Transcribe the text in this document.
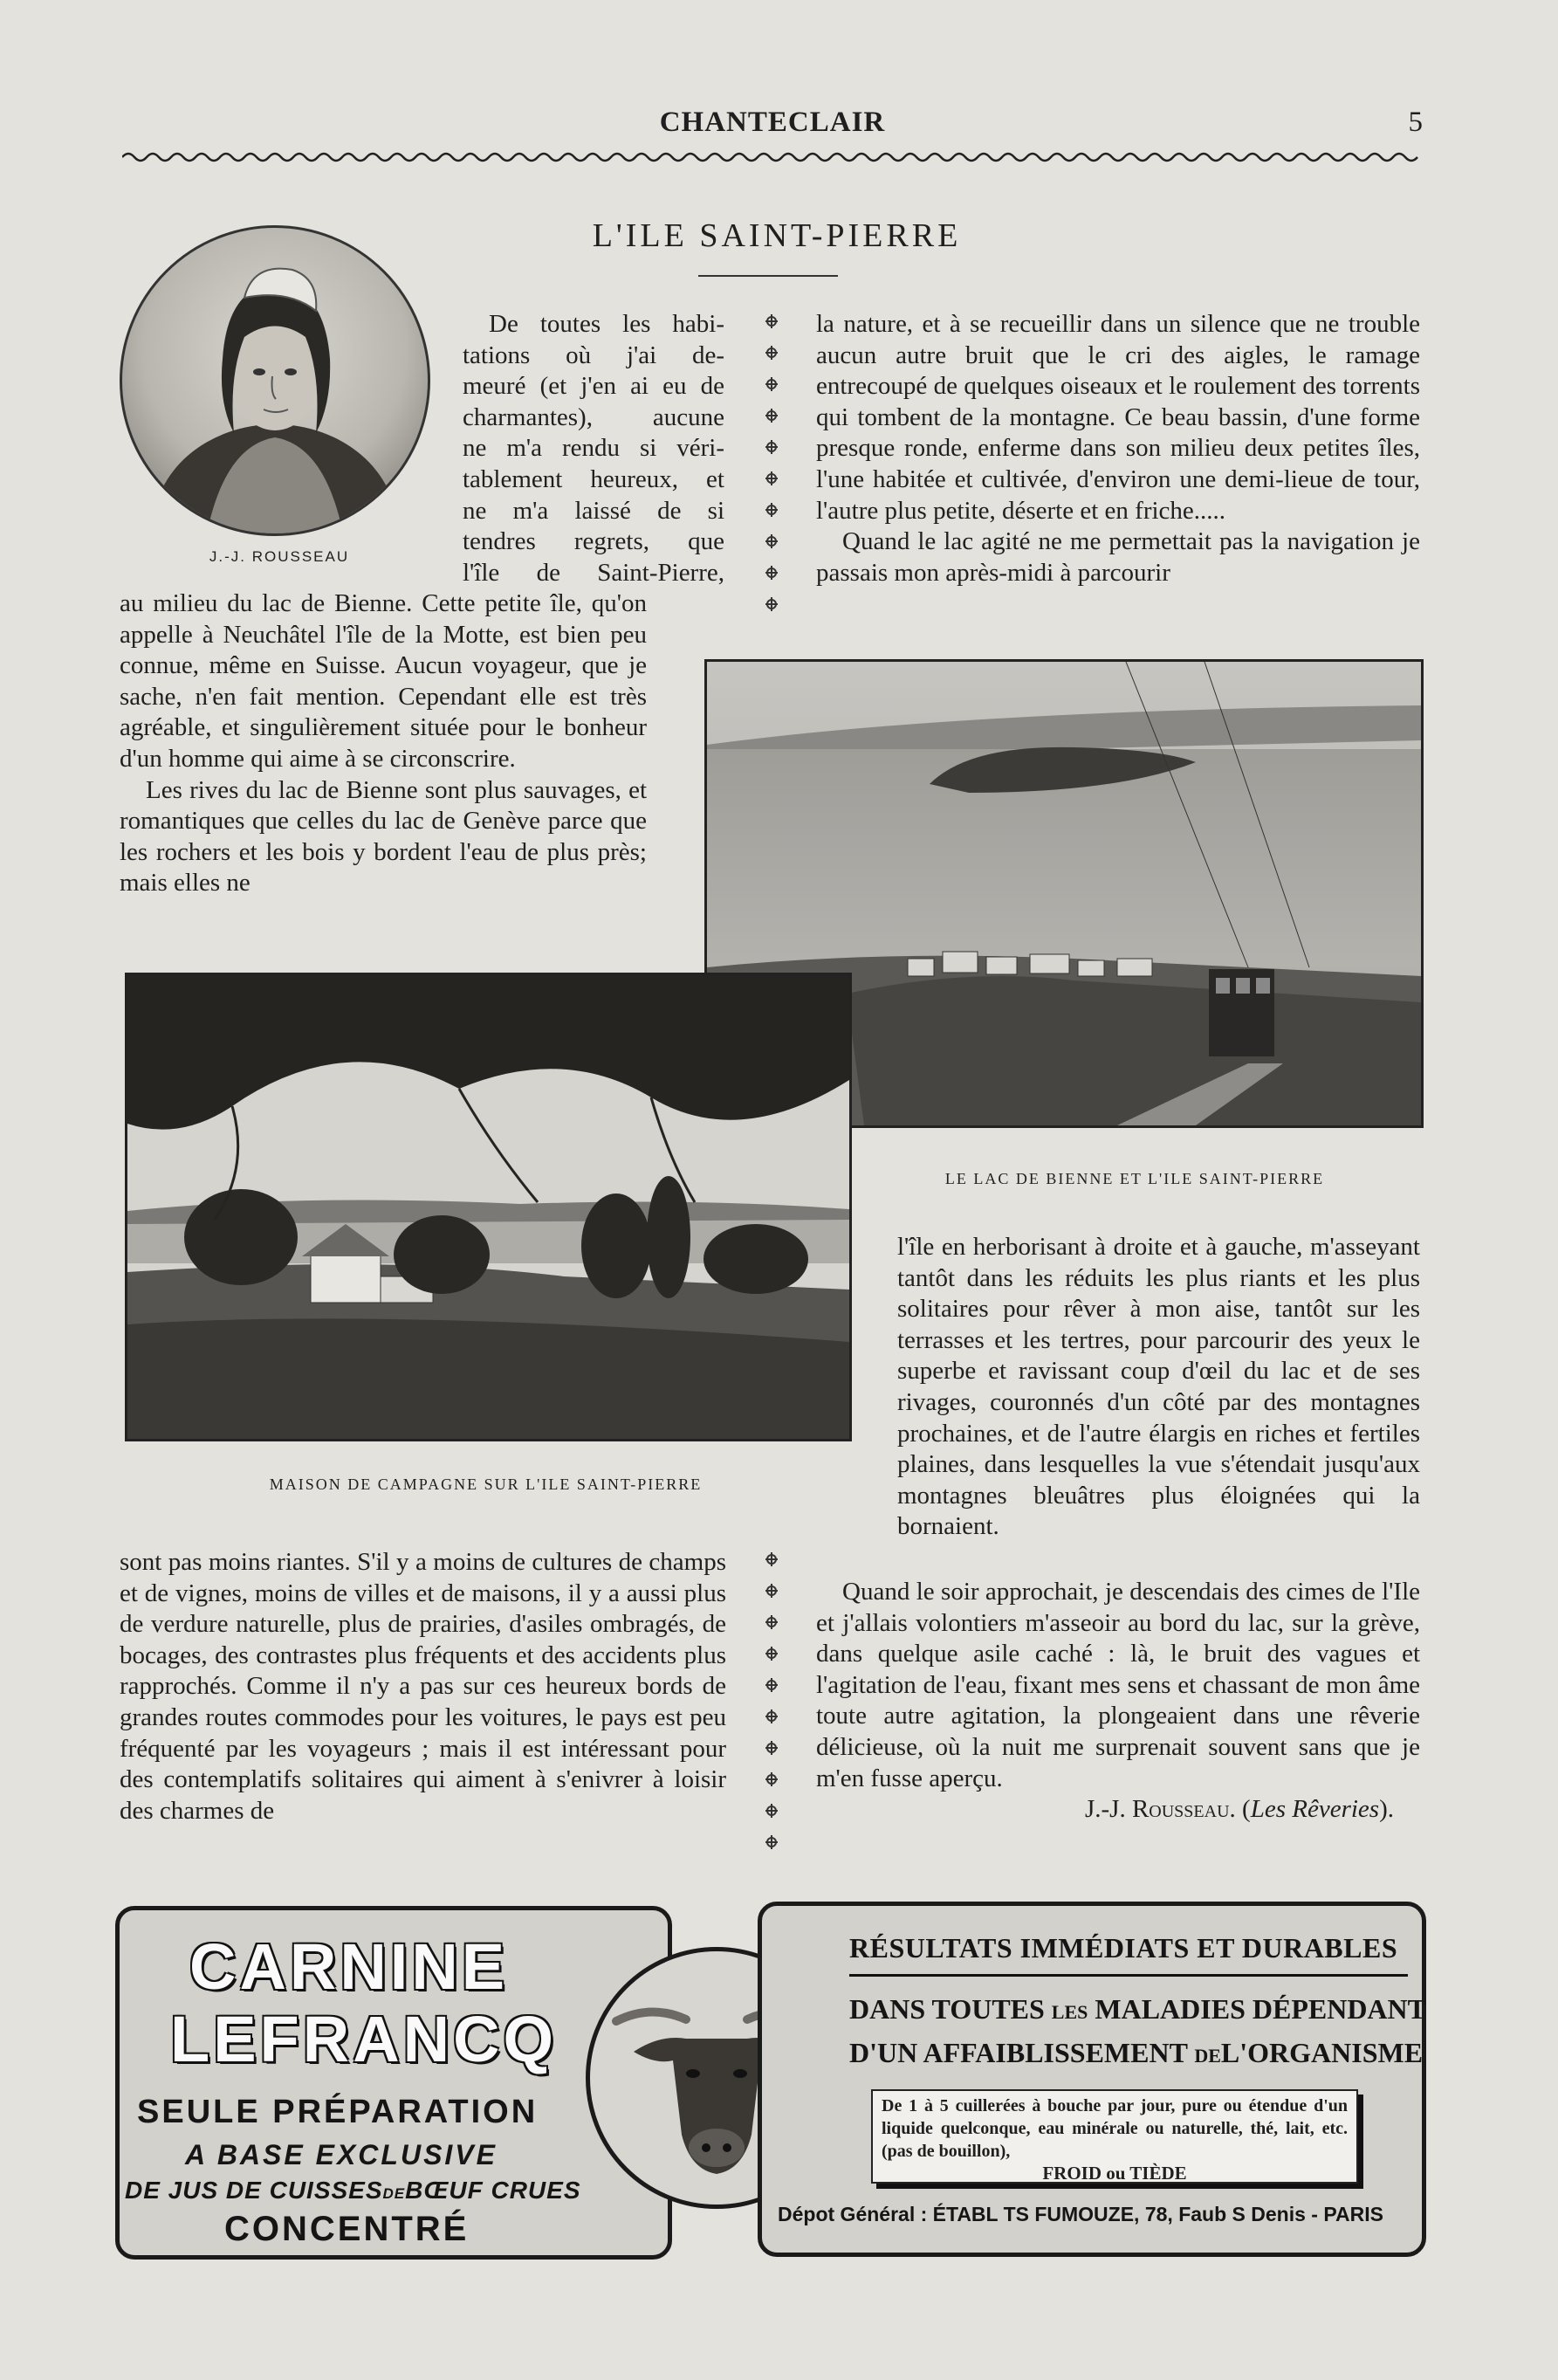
CHANTECLAIR	5
L'ILE SAINT-PIERRE
J.-J. ROUSSEAU

De toutes les habi-

tations où j'ai de-

meuré (et j'en ai eu de

charmantes), aucune

ne m'a rendu si véri-

tablement heureux, et

ne m'a laissé de si

tendres regrets, que

l'île de Saint-Pierre,

au milieu du lac de Bienne. Cette petite île, qu'on appelle à Neuchâtel l'île de la Motte, est bien peu connue, même en Suisse. Aucun voyageur, que je sache, n'en fait mention. Cependant elle est très agréable, et singulièrement située pour le bonheur d'un homme qui aime à se circonscrire.

Les rives du lac de Bienne sont plus sauvages, et romantiques que celles du lac de Genève parce que les rochers et les bois y bordent l'eau de plus près; mais elles ne

la nature, et à se recueillir dans un silence que ne trouble aucun autre bruit que le cri des aigles, le ramage entrecoupé de quelques oiseaux et le roulement des torrents qui tombent de la montagne. Ce beau bassin, d'une forme presque ronde, enferme dans son milieu deux petites îles, l'une habitée et cultivée, d'environ une demi-lieue de tour, l'autre plus petite, déserte et en friche.....

Quand le lac agité ne me permettait pas la navigation je passais mon après-midi à parcourir

LE LAC DE BIENNE ET L'ILE SAINT-PIERRE
MAISON DE CAMPAGNE SUR L'ILE SAINT-PIERRE

l'île en herborisant à droite et à gauche, m'asseyant tantôt dans les réduits les plus riants et les plus solitaires pour rêver à mon aise, tantôt sur les terrasses et les tertres, pour parcourir des yeux le superbe et ravissant coup d'œil du lac et de ses rivages, couronnés d'un côté par des montagnes prochaines, et de l'autre élargis en riches et fertiles plaines, dans lesquelles la vue s'étendait jusqu'aux montagnes bleuâtres plus éloignées qui la bornaient.

Quand le soir approchait, je descendais des cimes de l'Ile et j'allais volontiers m'asseoir au bord du lac, sur la grève, dans quelque asile caché : là, le bruit des vagues et l'agitation de l'eau, fixant mes sens et chassant de mon âme toute autre agitation, la plongeaient dans une rêverie délicieuse, où la nuit me surprenait souvent sans que je m'en fusse aperçu.

J.-J. Rousseau. (Les Rêveries).

sont pas moins riantes. S'il y a moins de cultures de champs et de vignes, moins de villes et de maisons, il y a aussi plus de verdure naturelle, plus de prairies, d'asiles ombragés, de bocages, des contrastes plus fréquents et des accidents plus rapprochés. Comme il n'y a pas sur ces heureux bords de grandes routes commodes pour les voitures, le pays est peu fréquenté par les voyageurs ; mais il est intéressant pour des contemplatifs solitaires qui aiment à s'enivrer à loisir des charmes de

CARNINE
LEFRANCQ
SEULE PRÉPARATION
A BASE EXCLUSIVE
DE JUS DE CUISSESDEBŒUF CRUES
CONCENTRÉ
RÉSULTATS IMMÉDIATS ET DURABLES
DANS TOUTES LES MALADIES DÉPENDANT
D'UN AFFAIBLISSEMENT DEL'ORGANISME
De 1 à 5 cuillerées à bouche par jour, pure ou étendue d'un liquide quelconque, eau minérale ou naturelle, thé, lait, etc. (pas de bouillon),
FROID ou TIÈDE
Dépot Général : ÉTABL TS FUMOUZE, 78, Faub S Denis - PARIS
